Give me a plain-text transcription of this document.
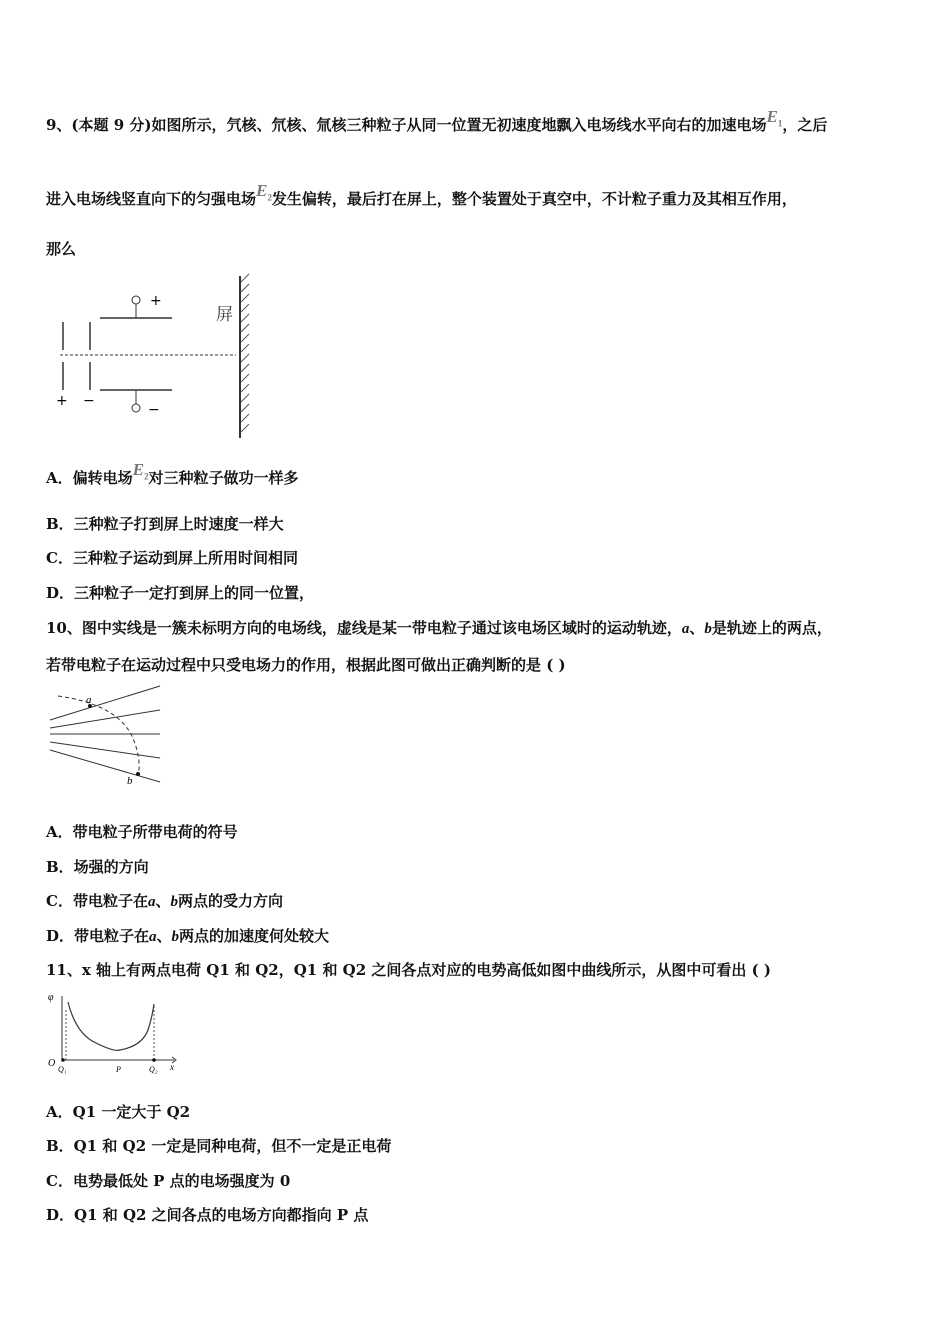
9、(本题 9 分)如图所示，氕核、氘核、氚核三种粒子从同一位置无初速度地飘入电场线水平向右的加速电场$E_1$，之后
进入电场线竖直向下的匀强电场$E_2$发生偏转，最后打在屏上，整个装置处于真空中，不计粒子重力及其相互作用，
那么
+ −
+
−
屏
A．偏转电场$E_2$对三种粒子做功一样多
B．三种粒子打到屏上时速度一样大
C．三种粒子运动到屏上所用时间相同
D．三种粒子一定打到屏上的同一位置，
10、图中实线是一簇未标明方向的电场线，虚线是某一带电粒子通过该电场区域时的运动轨迹，a、b是轨迹上的两点，
若带电粒子在运动过程中只受电场力的作用，根据此图可做出正确判断的是 ( )
a
b
A．带电粒子所带电荷的符号
B．场强的方向
C．带电粒子在a、b两点的受力方向
D．带电粒子在a、b两点的加速度何处较大
11、x 轴上有两点电荷 Q1 和 Q2，Q1 和 Q2 之间各点对应的电势高低如图中曲线所示，从图中可看出 ( )
φ
O
Q₁	P	Q₂ x
A．Q1 一定大于 Q2
B．Q1 和 Q2 一定是同种电荷，但不一定是正电荷
C．电势最低处 P 点的电场强度为 0
D．Q1 和 Q2 之间各点的电场方向都指向 P 点
